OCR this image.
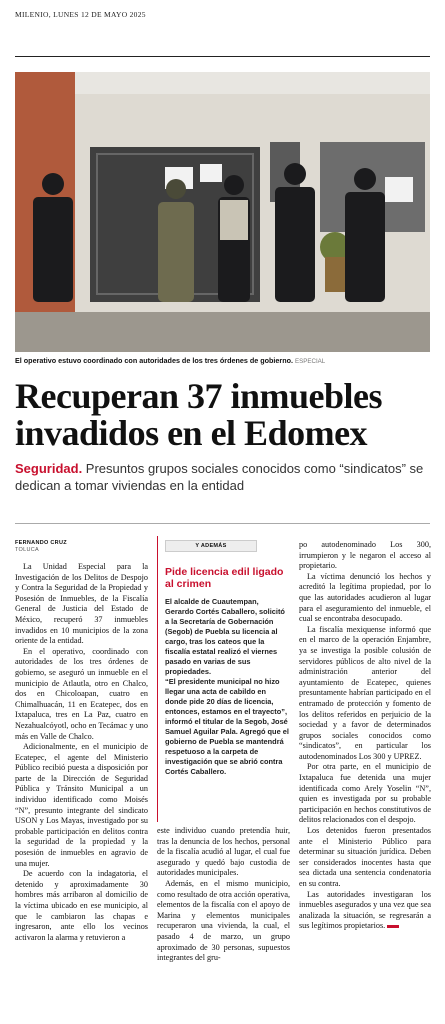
MILENIO, LUNES 12 DE MAYO 2025
El operativo estuvo coordinado con autoridades de los tres órdenes de gobierno. ESPECIAL
Recuperan 37 inmuebles invadidos en el Edomex
Seguridad. Presuntos grupos sociales conocidos como “sindicatos” se dedican a tomar viviendas en la entidad
FERNANDO CRUZ
TOLUCA

La Unidad Especial para la Investigación de los Delitos de Despojo y Contra la Seguridad de la Propiedad y Posesión de Inmuebles, de la Fiscalía General de Justicia del Estado de México, recuperó 37 inmuebles invadidos en 10 municipios de la zona oriente de la entidad.

En el operativo, coordinado con autoridades de los tres órdenes de gobierno, se aseguró un inmueble en el municipio de Atlautla, otro en Chalco, dos en Chicoloapan, cuatro en Chimalhuacán, 11 en Ecatepec, dos en Ixtapaluca, tres en La Paz, cuatro en Nezahualcóyotl, ocho en Tecámac y uno más en Valle de Chalco.

Adicionalmente, en el municipio de Ecatepec, el agente del Ministerio Público recibió puesta a disposición por parte de la Dirección de Seguridad Pública y Tránsito Municipal a un individuo identificado como Moisés “N”, presunto integrante del sindicato USON y Los Mayas, investigado por su probable participación en delitos contra la seguridad de la propiedad y la posesión de inmuebles en agravio de una mujer.

De acuerdo con la indagatoria, el detenido y aproximadamente 30 hombres más arribaron al domicilio de la víctima ubicado en ese municipio, al que le cambiaron las chapas e ingresaron, ante ello los vecinos activaron la alarma y retuvieron a

Y ADEMÁS
Pide licencia edil ligado al crimen

El alcalde de Cuautempan, Gerardo Cortés Caballero, solicitó a la Secretaría de Gobernación (Segob) de Puebla su licencia al cargo, tras los cateos que la fiscalía estatal realizó el viernes pasado en varias de sus propiedades.

“El presidente municipal no hizo llegar una acta de cabildo en donde pide 20 días de licencia, entonces, estamos en el trayecto”, informó el titular de la Segob, José Samuel Aguilar Pala. Agregó que el gobierno de Puebla se mantendrá respetuoso a la carpeta de investigación que se abrió contra Cortés Caballero.

este individuo cuando pretendía huir, tras la denuncia de los hechos, personal de la fiscalía acudió al lugar, el cual fue asegurado y quedó bajo custodia de autoridades municipales.

Además, en el mismo municipio, como resultado de otra acción operativa, elementos de la fiscalía con el apoyo de Marina y elementos municipales recuperaron una vivienda, la cual, el pasado 4 de marzo, un grupo aproximado de 30 personas, supuestos integrantes del gru-

po autodenominado Los 300, irrumpieron y le negaron el acceso al propietario.

La víctima denunció los hechos y acreditó la legítima propiedad, por lo que las autoridades acudieron al lugar para el aseguramiento del inmueble, el cual se encontraba desocupado.

La fiscalía mexiquense informó que en el marco de la operación Enjambre, ya se investiga la posible colusión de servidores públicos de alto nivel de la administración anterior del ayuntamiento de Ecatepec, quienes presuntamente habrían participado en el entramado de protección y fomento de los delitos referidos en perjuicio de la sociedad y a favor de determinados grupos sociales conocidos como “sindicatos”, en particular los autodenominados Los 300 y UPREZ.

Por otra parte, en el municipio de Ixtapaluca fue detenida una mujer identificada como Arely Yoselin “N”, quien es investigada por su probable participación en hechos constitutivos de delitos relacionados con el despojo.

Los detenidos fueron presentados ante el Ministerio Público para determinar su situación jurídica. Deben ser considerados inocentes hasta que sea dictada una sentencia condenatoria en su contra.

Las autoridades investigaran los inmuebles asegurados y una vez que sea analizada la situación, se regresarán a sus legítimos propietarios.
